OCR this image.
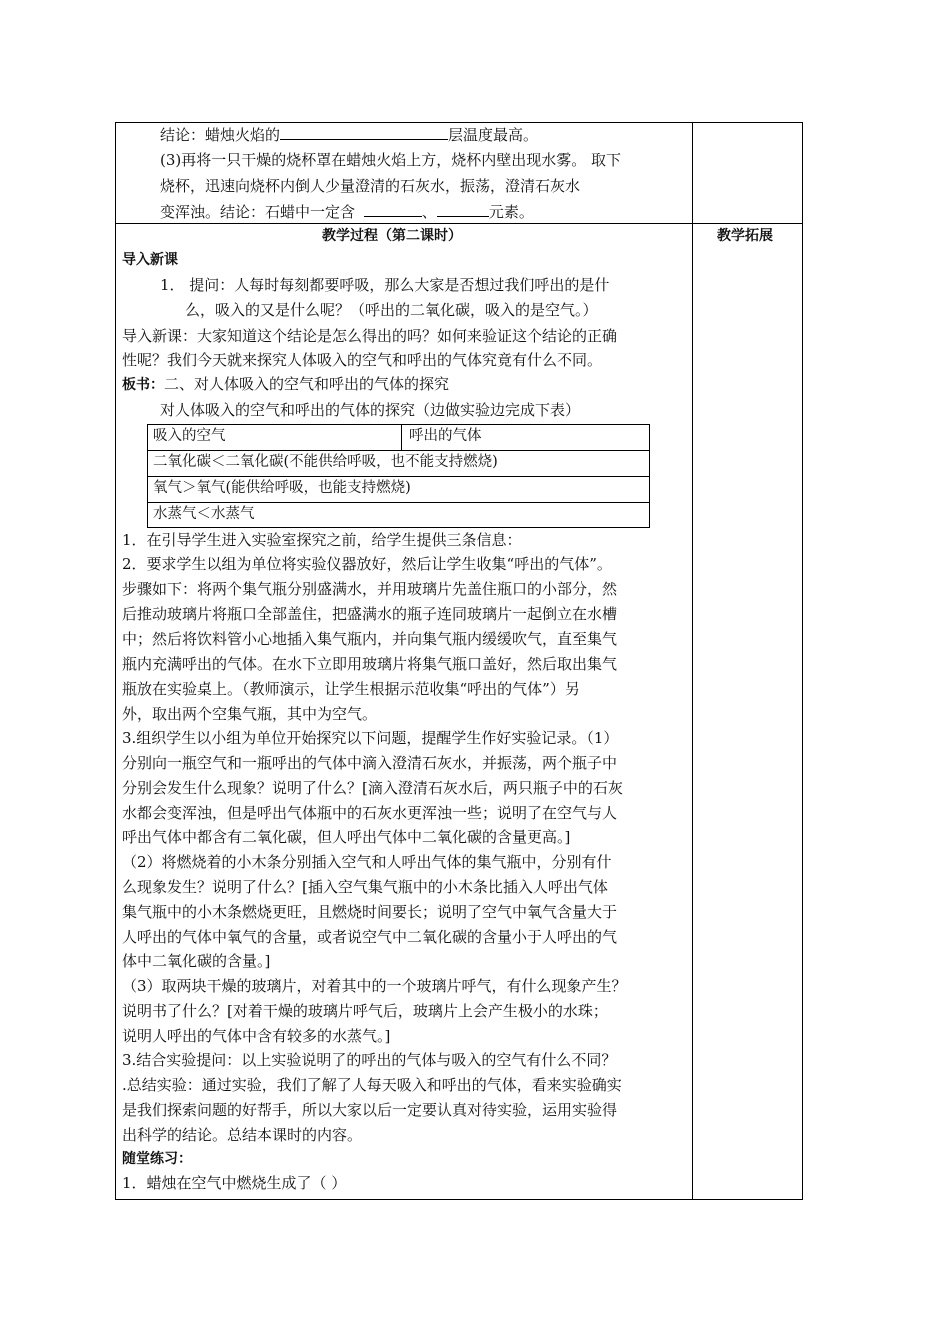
结论：蜡烛火焰的	层温度最高。
(3)再将一只干燥的烧杯罩在蜡烛火焰上方，烧杯内壁出现水雾。 取下
烧杯，迅速向烧杯内倒人少量澄清的石灰水，振荡，澄清石灰水
变浑浊。结论：石蜡中一定含	、	元素。
教学过程（第二课时）	教学拓展
导入新课
1． 提问：人每时每刻都要呼吸，那么大家是否想过我们呼出的是什
么，吸入的又是什么呢？（呼出的二氧化碳，吸入的是空气。）
导入新课：大家知道这个结论是怎么得出的吗？如何来验证这个结论的正确
性呢？我们今天就来探究人体吸入的空气和呼出的气体究竟有什么不同。
板书：二、对人体吸入的空气和呼出的气体的探究
对人体吸入的空气和呼出的气体的探究（边做实验边完成下表）
吸入的空气	呼出的气体
二氧化碳＜二氧化碳(不能供给呼吸，也不能支持燃烧)
氧气＞氧气(能供给呼吸，也能支持燃烧)
水蒸气＜水蒸气
1．在引导学生进入实验室探究之前，给学生提供三条信息：
2．要求学生以组为单位将实验仪器放好，然后让学生收集“呼出的气体”。
步骤如下：将两个集气瓶分别盛满水，并用玻璃片先盖住瓶口的小部分，然
后推动玻璃片将瓶口全部盖住，把盛满水的瓶子连同玻璃片一起倒立在水槽
中；然后将饮料管小心地插入集气瓶内，并向集气瓶内缓缓吹气，直至集气
瓶内充满呼出的气体。在水下立即用玻璃片将集气瓶口盖好，然后取出集气
瓶放在实验桌上。（教师演示，让学生根据示范收集“呼出的气体”）另
外，取出两个空集气瓶，其中为空气。
3.组织学生以小组为单位开始探究以下问题，提醒学生作好实验记录。（1）
分别向一瓶空气和一瓶呼出的气体中滴入澄清石灰水，并振荡，两个瓶子中
分别会发生什么现象？说明了什么？[滴入澄清石灰水后，两只瓶子中的石灰
水都会变浑浊，但是呼出气体瓶中的石灰水更浑浊一些；说明了在空气与人
呼出气体中都含有二氧化碳，但人呼出气体中二氧化碳的含量更高。]
（2）将燃烧着的小木条分别插入空气和人呼出气体的集气瓶中，分别有什
么现象发生？说明了什么？[插入空气集气瓶中的小木条比插入人呼出气体
集气瓶中的小木条燃烧更旺，且燃烧时间要长；说明了空气中氧气含量大于
人呼出的气体中氧气的含量，或者说空气中二氧化碳的含量小于人呼出的气
体中二氧化碳的含量。]
（3）取两块干燥的玻璃片，对着其中的一个玻璃片呼气，有什么现象产生？
说明书了什么？[对着干燥的玻璃片呼气后，玻璃片上会产生极小的水珠；
说明人呼出的气体中含有较多的水蒸气。]
3.结合实验提问：以上实验说明了的呼出的气体与吸入的空气有什么不同？
.总结实验：通过实验，我们了解了人每天吸入和呼出的气体，看来实验确实
是我们探索问题的好帮手，所以大家以后一定要认真对待实验，运用实验得
出科学的结论。总结本课时的内容。
随堂练习：
1．蜡烛在空气中燃烧生成了（ ）
